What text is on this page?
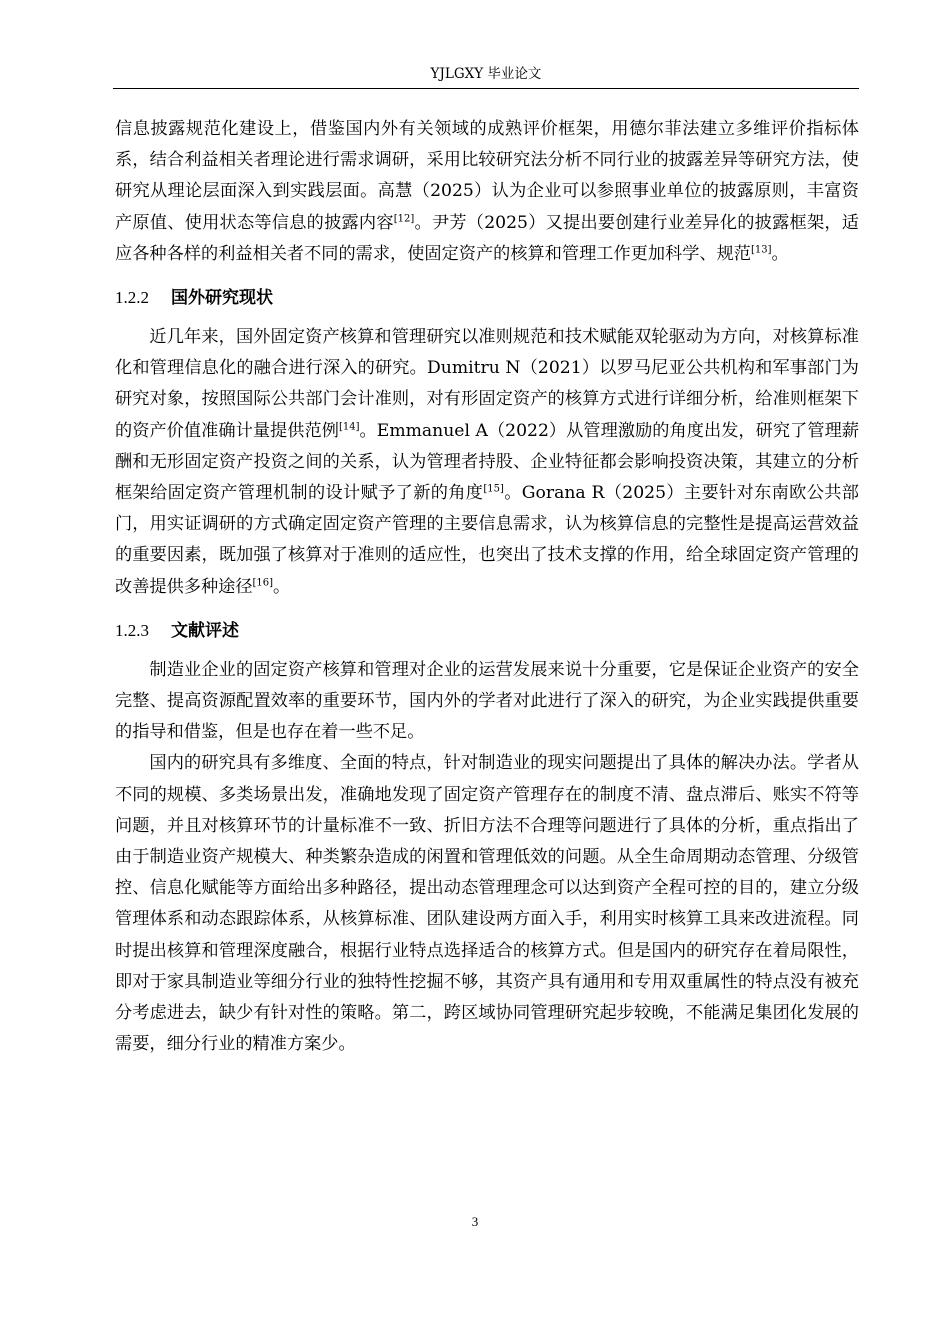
YJLGXY 毕业论文

信息披露规范化建设上，借鉴国内外有关领域的成熟评价框架，用德尔菲法建立多维评价指标体系，结合利益相关者理论进行需求调研，采用比较研究法分析不同行业的披露差异等研究方法，使研究从理论层面深入到实践层面。高慧（2025）认为企业可以参照事业单位的披露原则，丰富资产原值、使用状态等信息的披露内容[12]。尹芳（2025）又提出要创建行业差异化的披露框架，适应各种各样的利益相关者不同的需求，使固定资产的核算和管理工作更加科学、规范[13]。

1.2.2 国外研究现状

近几年来，国外固定资产核算和管理研究以准则规范和技术赋能双轮驱动为方向，对核算标准化和管理信息化的融合进行深入的研究。Dumitru N（2021）以罗马尼亚公共机构和军事部门为研究对象，按照国际公共部门会计准则，对有形固定资产的核算方式进行详细分析，给准则框架下的资产价值准确计量提供范例[14]。Emmanuel A（2022）从管理激励的角度出发，研究了管理薪酬和无形固定资产投资之间的关系，认为管理者持股、企业特征都会影响投资决策，其建立的分析框架给固定资产管理机制的设计赋予了新的角度[15]。Gorana R（2025）主要针对东南欧公共部门，用实证调研的方式确定固定资产管理的主要信息需求，认为核算信息的完整性是提高运营效益的重要因素，既加强了核算对于准则的适应性，也突出了技术支撑的作用，给全球固定资产管理的改善提供多种途径[16]。

1.2.3 文献评述

制造业企业的固定资产核算和管理对企业的运营发展来说十分重要，它是保证企业资产的安全完整、提高资源配置效率的重要环节，国内外的学者对此进行了深入的研究，为企业实践提供重要的指导和借鉴，但是也存在着一些不足。

国内的研究具有多维度、全面的特点，针对制造业的现实问题提出了具体的解决办法。学者从不同的规模、多类场景出发，准确地发现了固定资产管理存在的制度不清、盘点滞后、账实不符等问题，并且对核算环节的计量标准不一致、折旧方法不合理等问题进行了具体的分析，重点指出了由于制造业资产规模大、种类繁杂造成的闲置和管理低效的问题。从全生命周期动态管理、分级管控、信息化赋能等方面给出多种路径，提出动态管理理念可以达到资产全程可控的目的，建立分级管理体系和动态跟踪体系，从核算标准、团队建设两方面入手，利用实时核算工具来改进流程。同时提出核算和管理深度融合，根据行业特点选择适合的核算方式。但是国内的研究存在着局限性，即对于家具制造业等细分行业的独特性挖掘不够，其资产具有通用和专用双重属性的特点没有被充分考虑进去，缺少有针对性的策略。第二，跨区域协同管理研究起步较晚，不能满足集团化发展的需要，细分行业的精准方案少。

3
